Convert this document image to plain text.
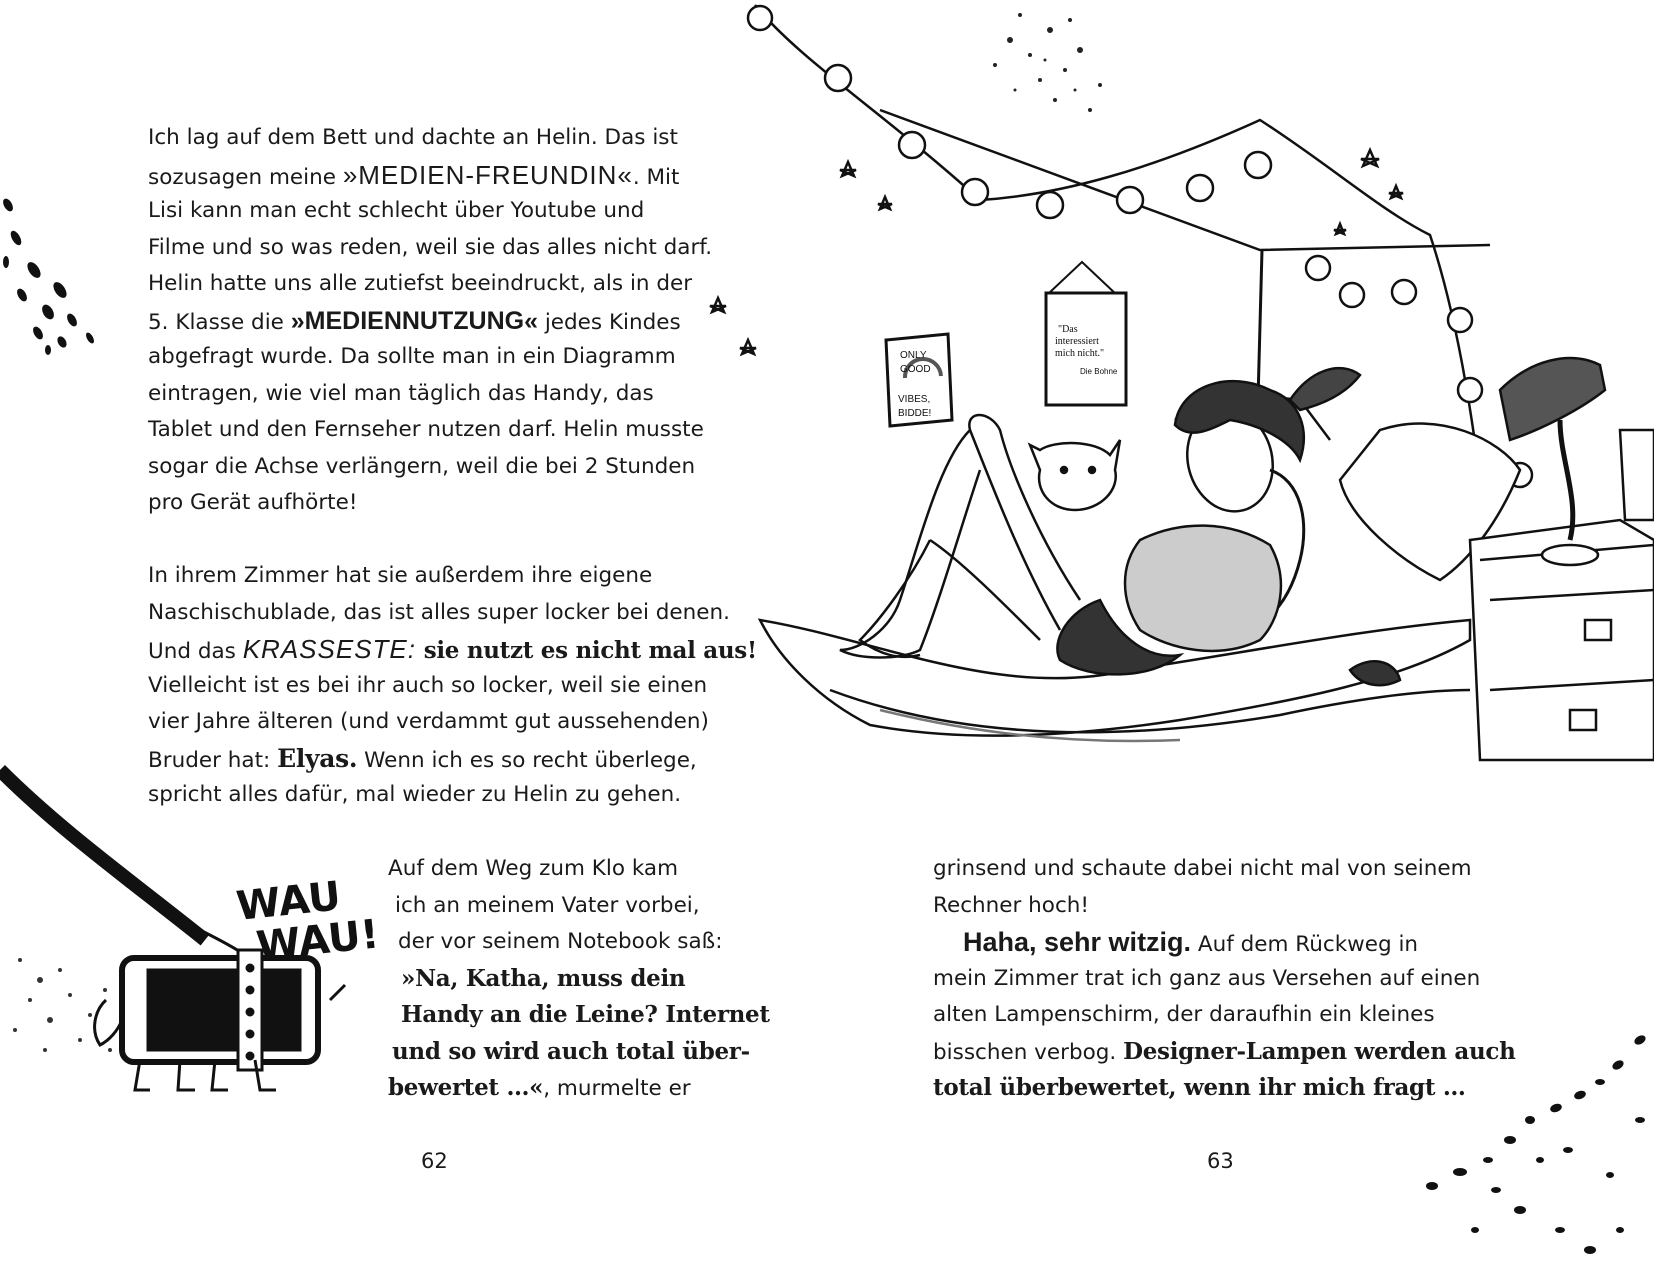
Ich lag auf dem Bett und dachte an Helin. Das ist
sozusagen meine »MEDIEN-FREUNDIN«. Mit
Lisi kann man echt schlecht über Youtube und
Filme und so was reden, weil sie das alles nicht darf.
Helin hatte uns alle zutiefst beeindruckt, als in der
5. Klasse die »MEDIENNUTZUNG« jedes Kindes
abgefragt wurde. Da sollte man in ein Diagramm
eintragen, wie viel man täglich das Handy, das
Tablet und den Fernseher nutzen darf. Helin musste
sogar die Achse verlängern, weil die bei 2 Stunden
pro Gerät aufhörte!
In ihrem Zimmer hat sie außerdem ihre eigene
Naschischublade, das ist alles super locker bei denen.
Und das KRASSESTE: sie nutzt es nicht mal aus!
Vielleicht ist es bei ihr auch so locker, weil sie einen
vier Jahre älteren (und verdammt gut aussehenden)
Bruder hat: Elyas. Wenn ich es so recht überlege,
spricht alles dafür, mal wieder zu Helin zu gehen.
Auf dem Weg zum Klo kam
ich an meinem Vater vorbei,
der vor seinem Notebook saß:
»Na, Katha, muss dein
Handy an die Leine? Internet
und so wird auch total über-
bewertet …«, murmelte er
62
grinsend und schaute dabei nicht mal von seinem
Rechner hoch!
Haha, sehr witzig. Auf dem Rückweg in
mein Zimmer trat ich ganz aus Versehen auf einen
alten Lampenschirm, der daraufhin ein kleines
bisschen verbog. Designer-Lampen werden auch
total überbewertet, wenn ihr mich fragt …
63
ONLY
GOOD
VIBES,
BIDDE!
"Das
interessiert
mich nicht."
Die Bohne
WAU
WAU!
